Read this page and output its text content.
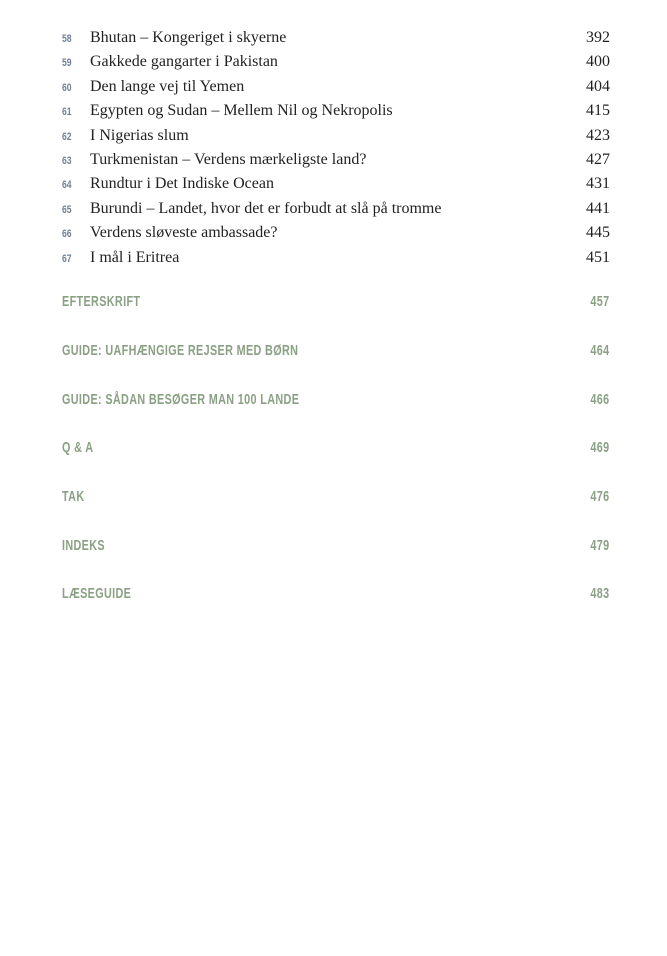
58	Bhutan – Kongeriget i skyerne	392
59	Gakkede gangarter i Pakistan	400
60	Den lange vej til Yemen	404
61	Egypten og Sudan – Mellem Nil og Nekropolis	415
62	I Nigerias slum	423
63	Turkmenistan – Verdens mærkeligste land?	427
64	Rundtur i Det Indiske Ocean	431
65	Burundi – Landet, hvor det er forbudt at slå på tromme	441
66	Verdens sløveste ambassade?	445
67	I mål i Eritrea	451
EFTERSKRIFT	457
GUIDE: UAFHÆNGIGE REJSER MED BØRN	464
GUIDE: SÅDAN BESØGER MAN 100 LANDE	466
Q & A	469
TAK	476
INDEKS	479
LÆSEGUIDE	483
